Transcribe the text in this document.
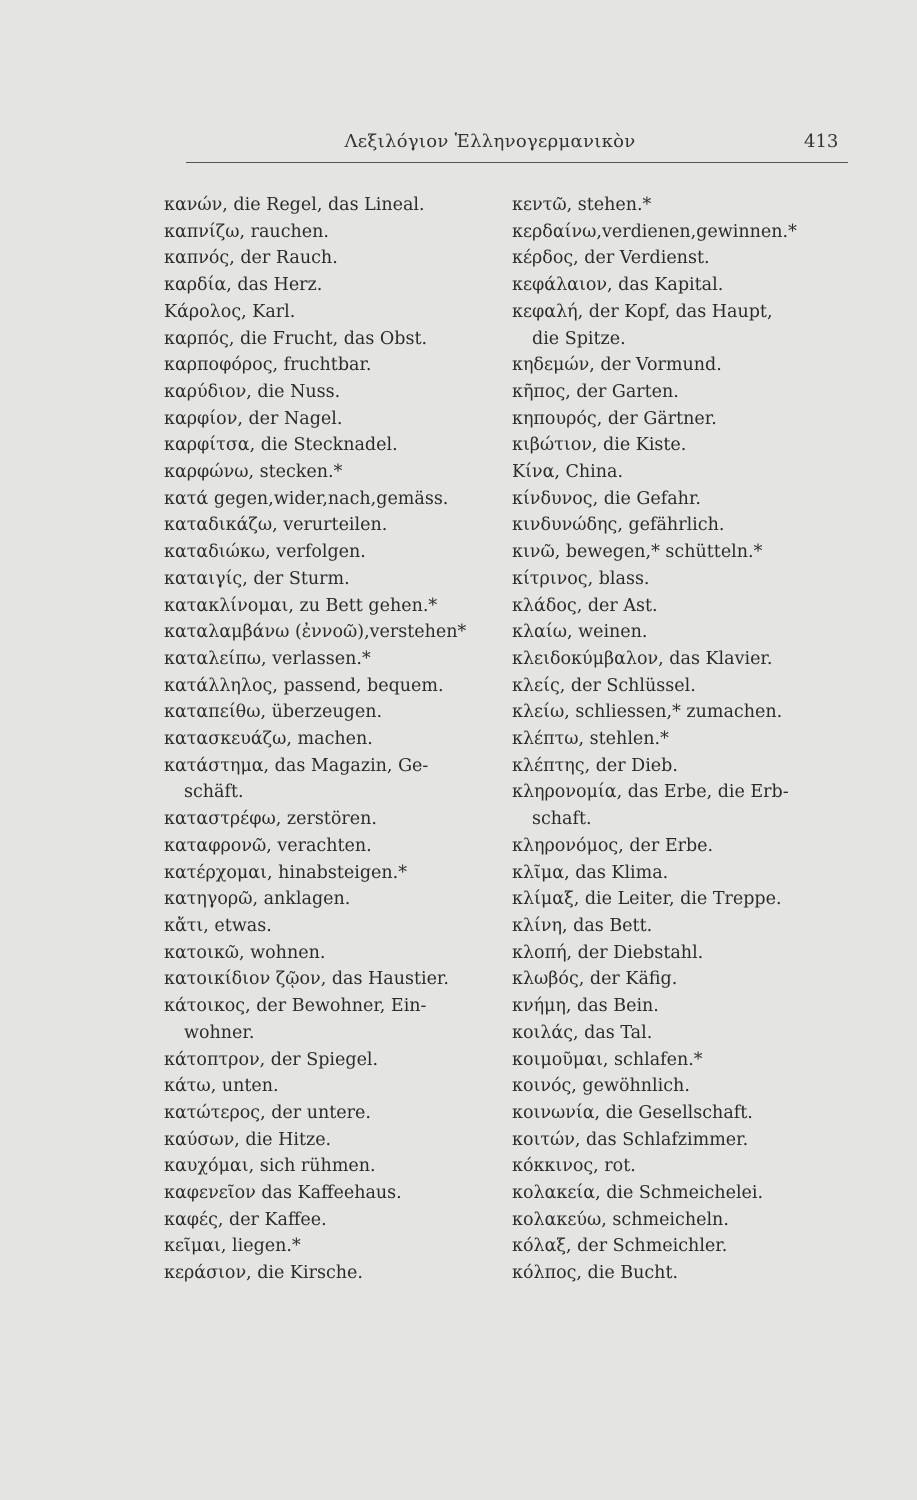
Λεξιλόγιον Ἑλληνογερμανικὸν	413

κανών, die Regel, das Lineal.

καπνίζω, rauchen.

καπνός, der Rauch.

καρδία, das Herz.

Κάρολος, Karl.

καρπός, die Frucht, das Obst.

καρποφόρος, fruchtbar.

καρύδιον, die Nuss.

καρφίον, der Nagel.

καρφίτσα, die Stecknadel.

καρφώνω, stecken.*

κατά gegen,wider,nach,gemäss.

καταδικάζω, verurteilen.

καταδιώκω, verfolgen.

καταιγίς, der Sturm.

κατακλίνομαι, zu Bett gehen.*

καταλαμβάνω (ἐννοῶ),verstehen*

καταλείπω, verlassen.*

κατάλληλος, passend, bequem.

καταπείθω, überzeugen.

κατασκευάζω, machen.

κατάστημα, das Magazin, Ge-

schäft.

καταστρέφω, zerstören.

καταφρονῶ, verachten.

κατέρχομαι, hinabsteigen.*

κατηγορῶ, anklagen.

κἄτι, etwas.

κατοικῶ, wohnen.

κατοικίδιον ζῷον, das Haustier.

κάτοικος, der Bewohner, Ein-

wohner.

κάτοπτρον, der Spiegel.

κάτω, unten.

κατώτερος, der untere.

καύσων, die Hitze.

καυχόμαι, sich rühmen.

καφενεῖον das Kaffeehaus.

καφές, der Kaffee.

κεῖμαι, liegen.*

κεράσιον, die Kirsche.

κεντῶ, stehen.*

κερδαίνω,verdienen,gewinnen.*

κέρδος, der Verdienst.

κεφάλαιον, das Kapital.

κεφαλή, der Kopf, das Haupt,

die Spitze.

κηδεμών, der Vormund.

κῆπος, der Garten.

κηπουρός, der Gärtner.

κιβώτιον, die Kiste.

Κίνα, China.

κίνδυνος, die Gefahr.

κινδυνώδης, gefährlich.

κινῶ, bewegen,* schütteln.*

κίτρινος, blass.

κλάδος, der Ast.

κλαίω, weinen.

κλειδοκύμβαλον, das Klavier.

κλείς, der Schlüssel.

κλείω, schliessen,* zumachen.

κλέπτω, stehlen.*

κλέπτης, der Dieb.

κληρονομία, das Erbe, die Erb-

schaft.

κληρονόμος, der Erbe.

κλῖμα, das Klima.

κλίμαξ, die Leiter, die Treppe.

κλίνη, das Bett.

κλοπή, der Diebstahl.

κλωβός, der Käfig.

κνήμη, das Bein.

κοιλάς, das Tal.

κοιμοῦμαι, schlafen.*

κοινός, gewöhnlich.

κοινωνία, die Gesellschaft.

κοιτών, das Schlafzimmer.

κόκκινος, rot.

κολακεία, die Schmeichelei.

κολακεύω, schmeicheln.

κόλαξ, der Schmeichler.

κόλπος, die Bucht.
